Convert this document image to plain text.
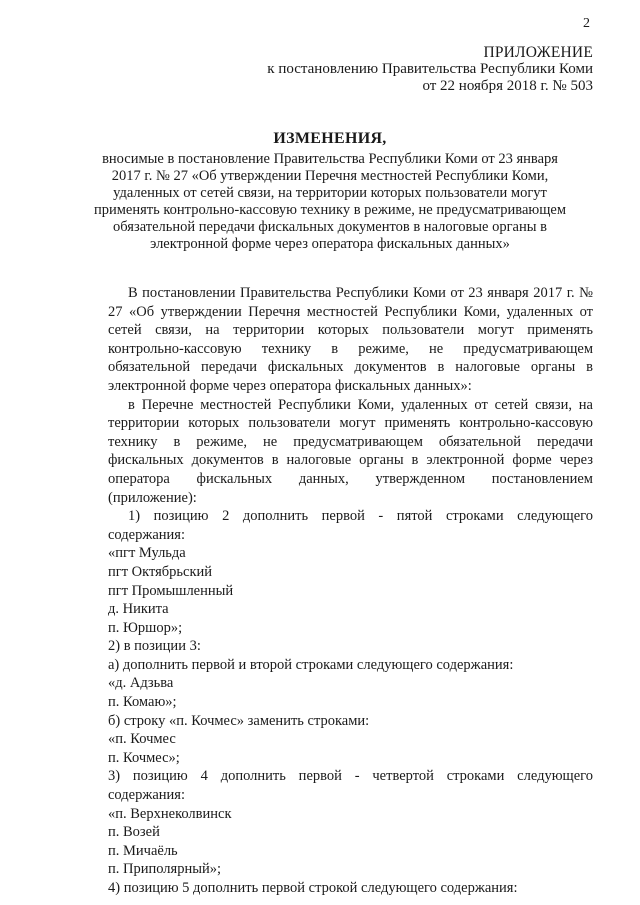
2
ПРИЛОЖЕНИЕ
к постановлению Правительства Республики Коми
от 22 ноября 2018 г. № 503
ИЗМЕНЕНИЯ,
вносимые в постановление Правительства Республики Коми от 23 января
2017 г. № 27 «Об утверждении Перечня местностей Республики Коми,
удаленных от сетей связи, на территории которых пользователи могут
применять контрольно-кассовую технику в режиме, не предусматривающем
обязательной передачи фискальных документов в налоговые органы в
электронной форме через оператора фискальных данных»

В постановлении Правительства Республики Коми от 23 января 2017 г. № 27 «Об утверждении Перечня местностей Республики Коми, удаленных от сетей связи, на территории которых пользователи могут применять контрольно-кассовую технику в режиме, не предусматривающем обязательной передачи фискальных документов в налоговые органы в электронной форме через оператора фискальных данных»:

в Перечне местностей Республики Коми, удаленных от сетей связи, на территории которых пользователи могут применять контрольно-кассовую технику в режиме, не предусматривающем обязательной передачи фискальных документов в налоговые органы в электронной форме через оператора фискальных данных, утвержденном постановлением (приложение):

1) позицию 2 дополнить первой - пятой строками следующего содержания:

«пгт Мульда

пгт Октябрьский

пгт Промышленный

д. Никита

п. Юршор»;

2) в позиции 3:

а) дополнить первой и второй строками следующего содержания:

«д. Адзьва

п. Комаю»;

б) строку «п. Кочмес» заменить строками:

«п. Кочмес

п. Кочмес»;

3) позицию 4 дополнить первой - четвертой строками следующего содержания:

«п. Верхнеколвинск

п. Возей

п. Мичаёль

п. Приполярный»;

4) позицию 5 дополнить первой строкой следующего содержания:
